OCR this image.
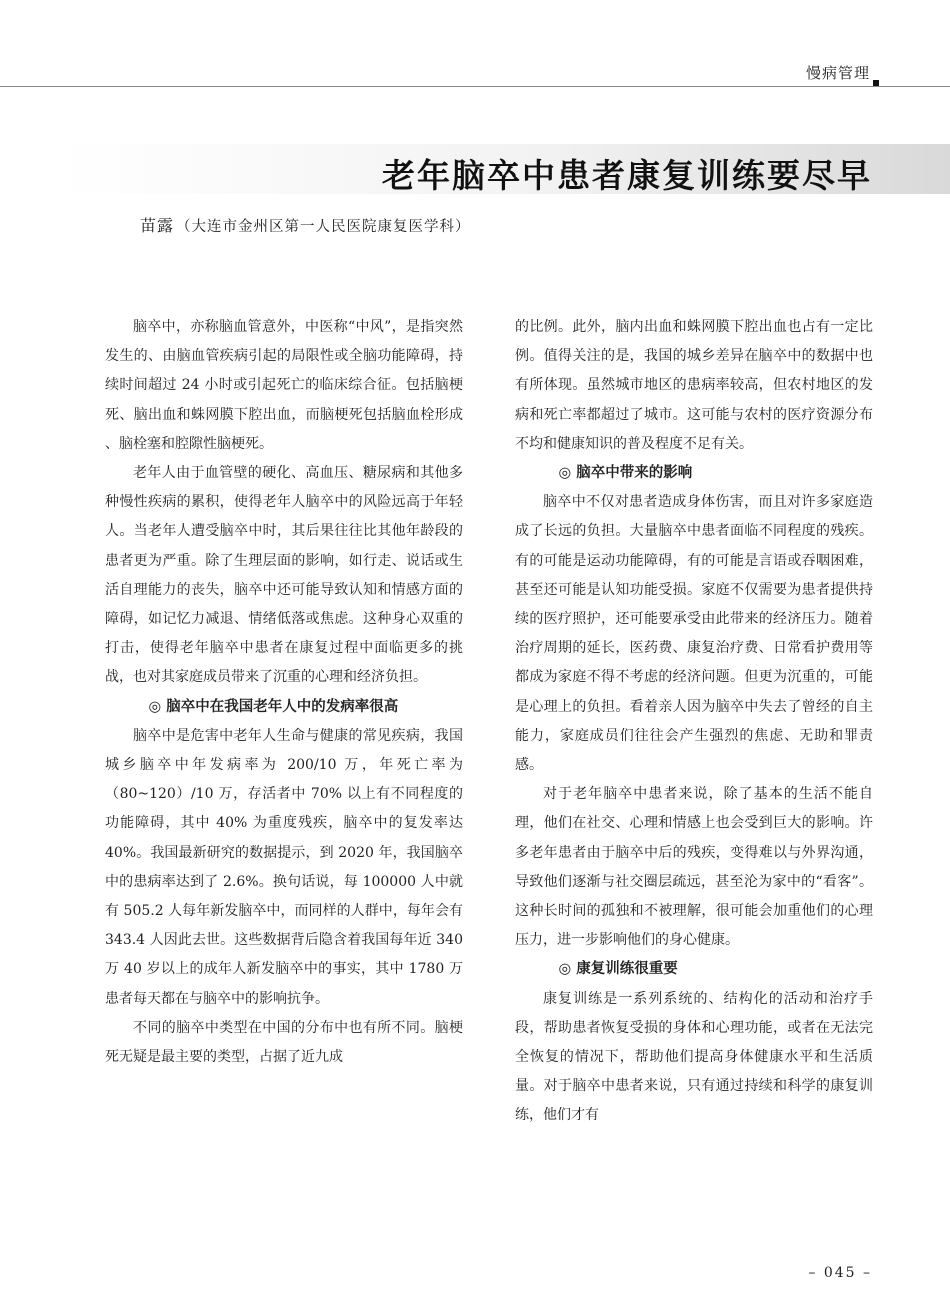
慢病管理
老年脑卒中患者康复训练要尽早
苗露 （大连市金州区第一人民医院康复医学科）

脑卒中，亦称脑血管意外，中医称“中风”，是指突然发生的、由脑血管疾病引起的局限性或全脑功能障碍，持续时间超过 24 小时或引起死亡的临床综合征。包括脑梗死、脑出血和蛛网膜下腔出血，而脑梗死包括脑血栓形成 、脑栓塞和腔隙性脑梗死。

老年人由于血管壁的硬化、高血压、糖尿病和其他多种慢性疾病的累积，使得老年人脑卒中的风险远高于年轻人。当老年人遭受脑卒中时，其后果往往比其他年龄段的患者更为严重。除了生理层面的影响，如行走、说话或生活自理能力的丧失，脑卒中还可能导致认知和情感方面的障碍，如记忆力减退、情绪低落或焦虑。这种身心双重的打击，使得老年脑卒中患者在康复过程中面临更多的挑战，也对其家庭成员带来了沉重的心理和经济负担。

◎ 脑卒中在我国老年人中的发病率很高

脑卒中是危害中老年人生命与健康的常见疾病，我国城乡脑卒中年发病率为 200/10 万，年死亡率为（80~120）/10 万，存活者中 70% 以上有不同程度的功能障碍，其中 40% 为重度残疾，脑卒中的复发率达 40%。我国最新研究的数据提示，到 2020 年，我国脑卒中的患病率达到了 2.6%。换句话说，每 100000 人中就有 505.2 人每年新发脑卒中，而同样的人群中，每年会有 343.4 人因此去世。这些数据背后隐含着我国每年近 340 万 40 岁以上的成年人新发脑卒中的事实，其中 1780 万患者每天都在与脑卒中的影响抗争。

不同的脑卒中类型在中国的分布中也有所不同。脑梗死无疑是最主要的类型，占据了近九成

的比例。此外，脑内出血和蛛网膜下腔出血也占有一定比例。值得关注的是，我国的城乡差异在脑卒中的数据中也有所体现。虽然城市地区的患病率较高，但农村地区的发病和死亡率都超过了城市。这可能与农村的医疗资源分布不均和健康知识的普及程度不足有关。

◎ 脑卒中带来的影响

脑卒中不仅对患者造成身体伤害，而且对许多家庭造成了长远的负担。大量脑卒中患者面临不同程度的残疾。有的可能是运动功能障碍，有的可能是言语或吞咽困难，甚至还可能是认知功能受损。家庭不仅需要为患者提供持续的医疗照护，还可能要承受由此带来的经济压力。随着治疗周期的延长，医药费、康复治疗费、日常看护费用等都成为家庭不得不考虑的经济问题。但更为沉重的，可能是心理上的负担。看着亲人因为脑卒中失去了曾经的自主能力，家庭成员们往往会产生强烈的焦虑、无助和罪责感。

对于老年脑卒中患者来说，除了基本的生活不能自理，他们在社交、心理和情感上也会受到巨大的影响。许多老年患者由于脑卒中后的残疾，变得难以与外界沟通，导致他们逐渐与社交圈层疏远，甚至沦为家中的“看客”。这种长时间的孤独和不被理解，很可能会加重他们的心理压力，进一步影响他们的身心健康。

◎ 康复训练很重要

康复训练是一系列系统的、结构化的活动和治疗手段，帮助患者恢复受损的身体和心理功能，或者在无法完全恢复的情况下，帮助他们提高身体健康水平和生活质量。对于脑卒中患者来说，只有通过持续和科学的康复训练，他们才有

– 045 –
